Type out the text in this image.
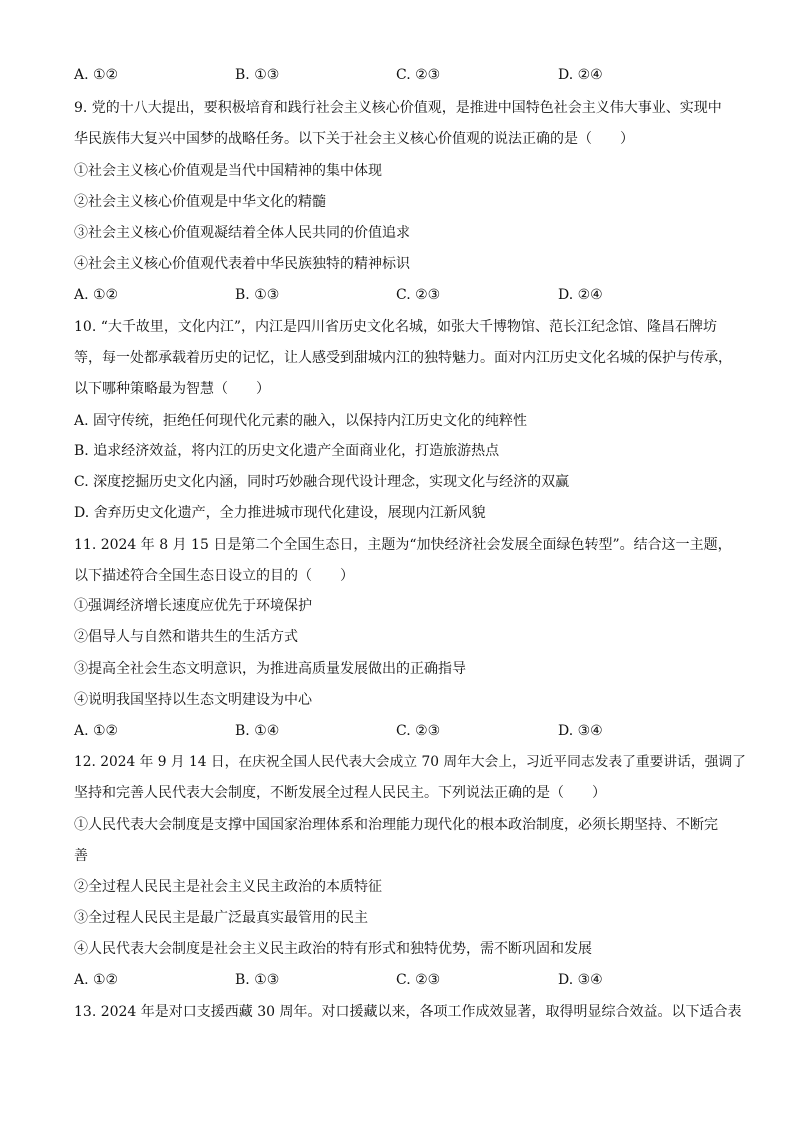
A. ①②	B. ①③	C. ②③	D. ②④
9. 党的十八大提出，要积极培育和践行社会主义核心价值观，是推进中国特色社会主义伟大事业、实现中
华民族伟大复兴中国梦的战略任务。以下关于社会主义核心价值观的说法正确的是（　　）
①社会主义核心价值观是当代中国精神的集中体现
②社会主义核心价值观是中华文化的精髓
③社会主义核心价值观凝结着全体人民共同的价值追求
④社会主义核心价值观代表着中华民族独特的精神标识
A. ①②	B. ①③	C. ②③	D. ②④
10. “大千故里，文化内江”，内江是四川省历史文化名城，如张大千博物馆、范长江纪念馆、隆昌石牌坊
等，每一处都承载着历史的记忆，让人感受到甜城内江的独特魅力。面对内江历史文化名城的保护与传承，
以下哪种策略最为智慧（　　）
A. 固守传统，拒绝任何现代化元素的融入，以保持内江历史文化的纯粹性
B. 追求经济效益，将内江的历史文化遗产全面商业化，打造旅游热点
C. 深度挖掘历史文化内涵，同时巧妙融合现代设计理念，实现文化与经济的双赢
D. 舍弃历史文化遗产，全力推进城市现代化建设，展现内江新风貌
11. 2024 年 8 月 15 日是第二个全国生态日，主题为“加快经济社会发展全面绿色转型”。结合这一主题，
以下描述符合全国生态日设立的目的（　　）
①强调经济增长速度应优先于环境保护
②倡导人与自然和谐共生的生活方式
③提高全社会生态文明意识，为推进高质量发展做出的正确指导
④说明我国坚持以生态文明建设为中心
A. ①②	B. ①④	C. ②③	D. ③④
12. 2024 年 9 月 14 日，在庆祝全国人民代表大会成立 70 周年大会上，习近平同志发表了重要讲话，强调了
坚持和完善人民代表大会制度，不断发展全过程人民民主。下列说法正确的是（　　）
①人民代表大会制度是支撑中国国家治理体系和治理能力现代化的根本政治制度，必须长期坚持、不断完
善
②全过程人民民主是社会主义民主政治的本质特征
③全过程人民民主是最广泛最真实最管用的民主
④人民代表大会制度是社会主义民主政治的特有形式和独特优势，需不断巩固和发展
A. ①②	B. ①③	C. ②③	D. ③④
13. 2024 年是对口支援西藏 30 周年。对口援藏以来，各项工作成效显著，取得明显综合效益。以下适合表
